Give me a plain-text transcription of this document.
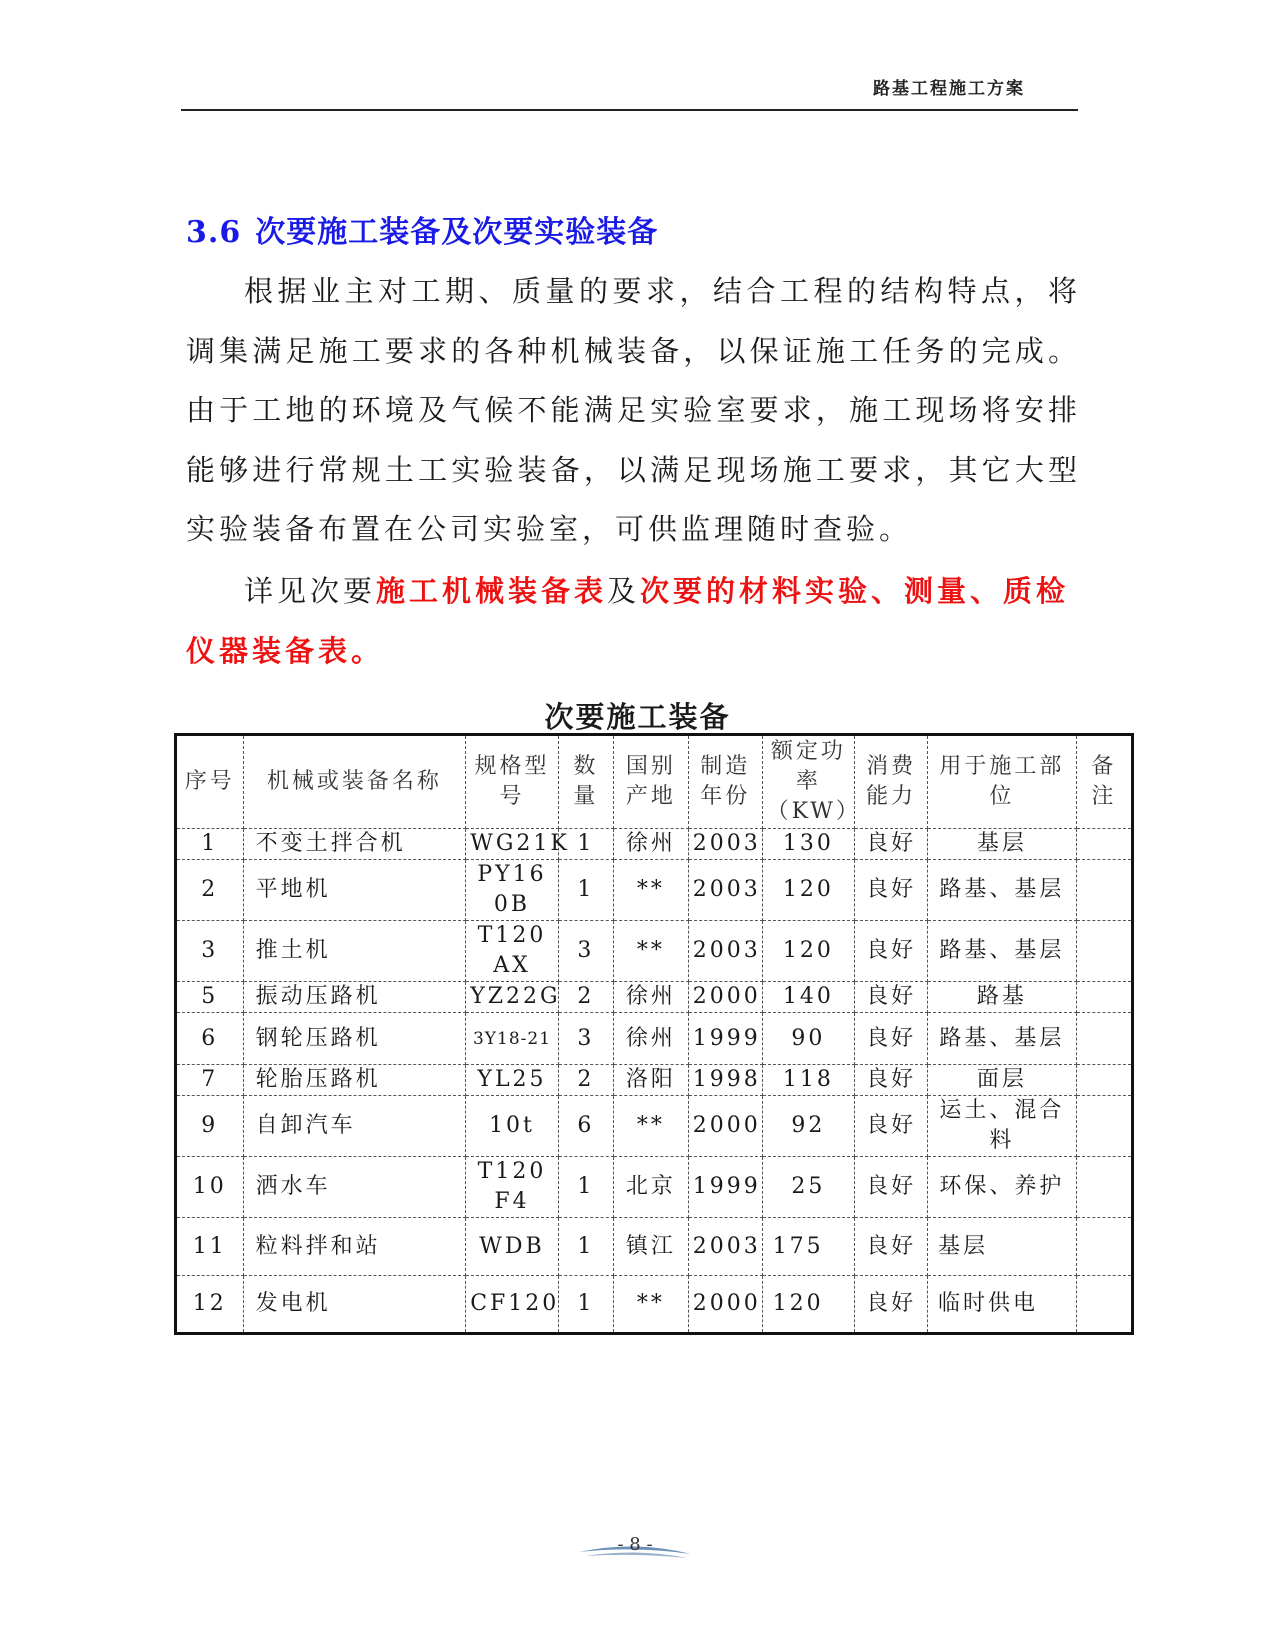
路基工程施工方案
3.6 次要施工装备及次要实验装备

根据业主对工期、质量的要求，结合工程的结构特点，将调集满足施工要求的各种机械装备，以保证施工任务的完成。由于工地的环境及气候不能满足实验室要求，施工现场将安排能够进行常规土工实验装备，以满足现场施工要求，其它大型实验装备布置在公司实验室，可供监理随时查验。

详见次要施工机械装备表及次要的材料实验、测量、质检仪器装备表。

次要施工装备
序号	机械或装备名称	规格型号	数量	国别产地	制造年份	额定功率（KW）	消费能力	用于施工部位	备注
1	不变土拌合机	WG21K	1	徐州	2003	130	良好	基层	
2	平地机	PY160B	1	**	2003	120	良好	路基、基层	
3	推土机	T120AX	3	**	2003	120	良好	路基、基层	
5	振动压路机	YZ22G	2	徐州	2000	140	良好	路基	
6	钢轮压路机	3Y18-21	3	徐州	1999	90	良好	路基、基层	
7	轮胎压路机	YL25	2	洛阳	1998	118	良好	面层	
9	自卸汽车	10t	6	**	2000	92	良好	运土、混合料	
10	洒水车	T120F4	1	北京	1999	25	良好	环保、养护	
11	粒料拌和站	WDB	1	镇江	2003	175	良好	基层	
12	发电机	CF120	1	**	2000	120	良好	临时供电	
- 8 -
